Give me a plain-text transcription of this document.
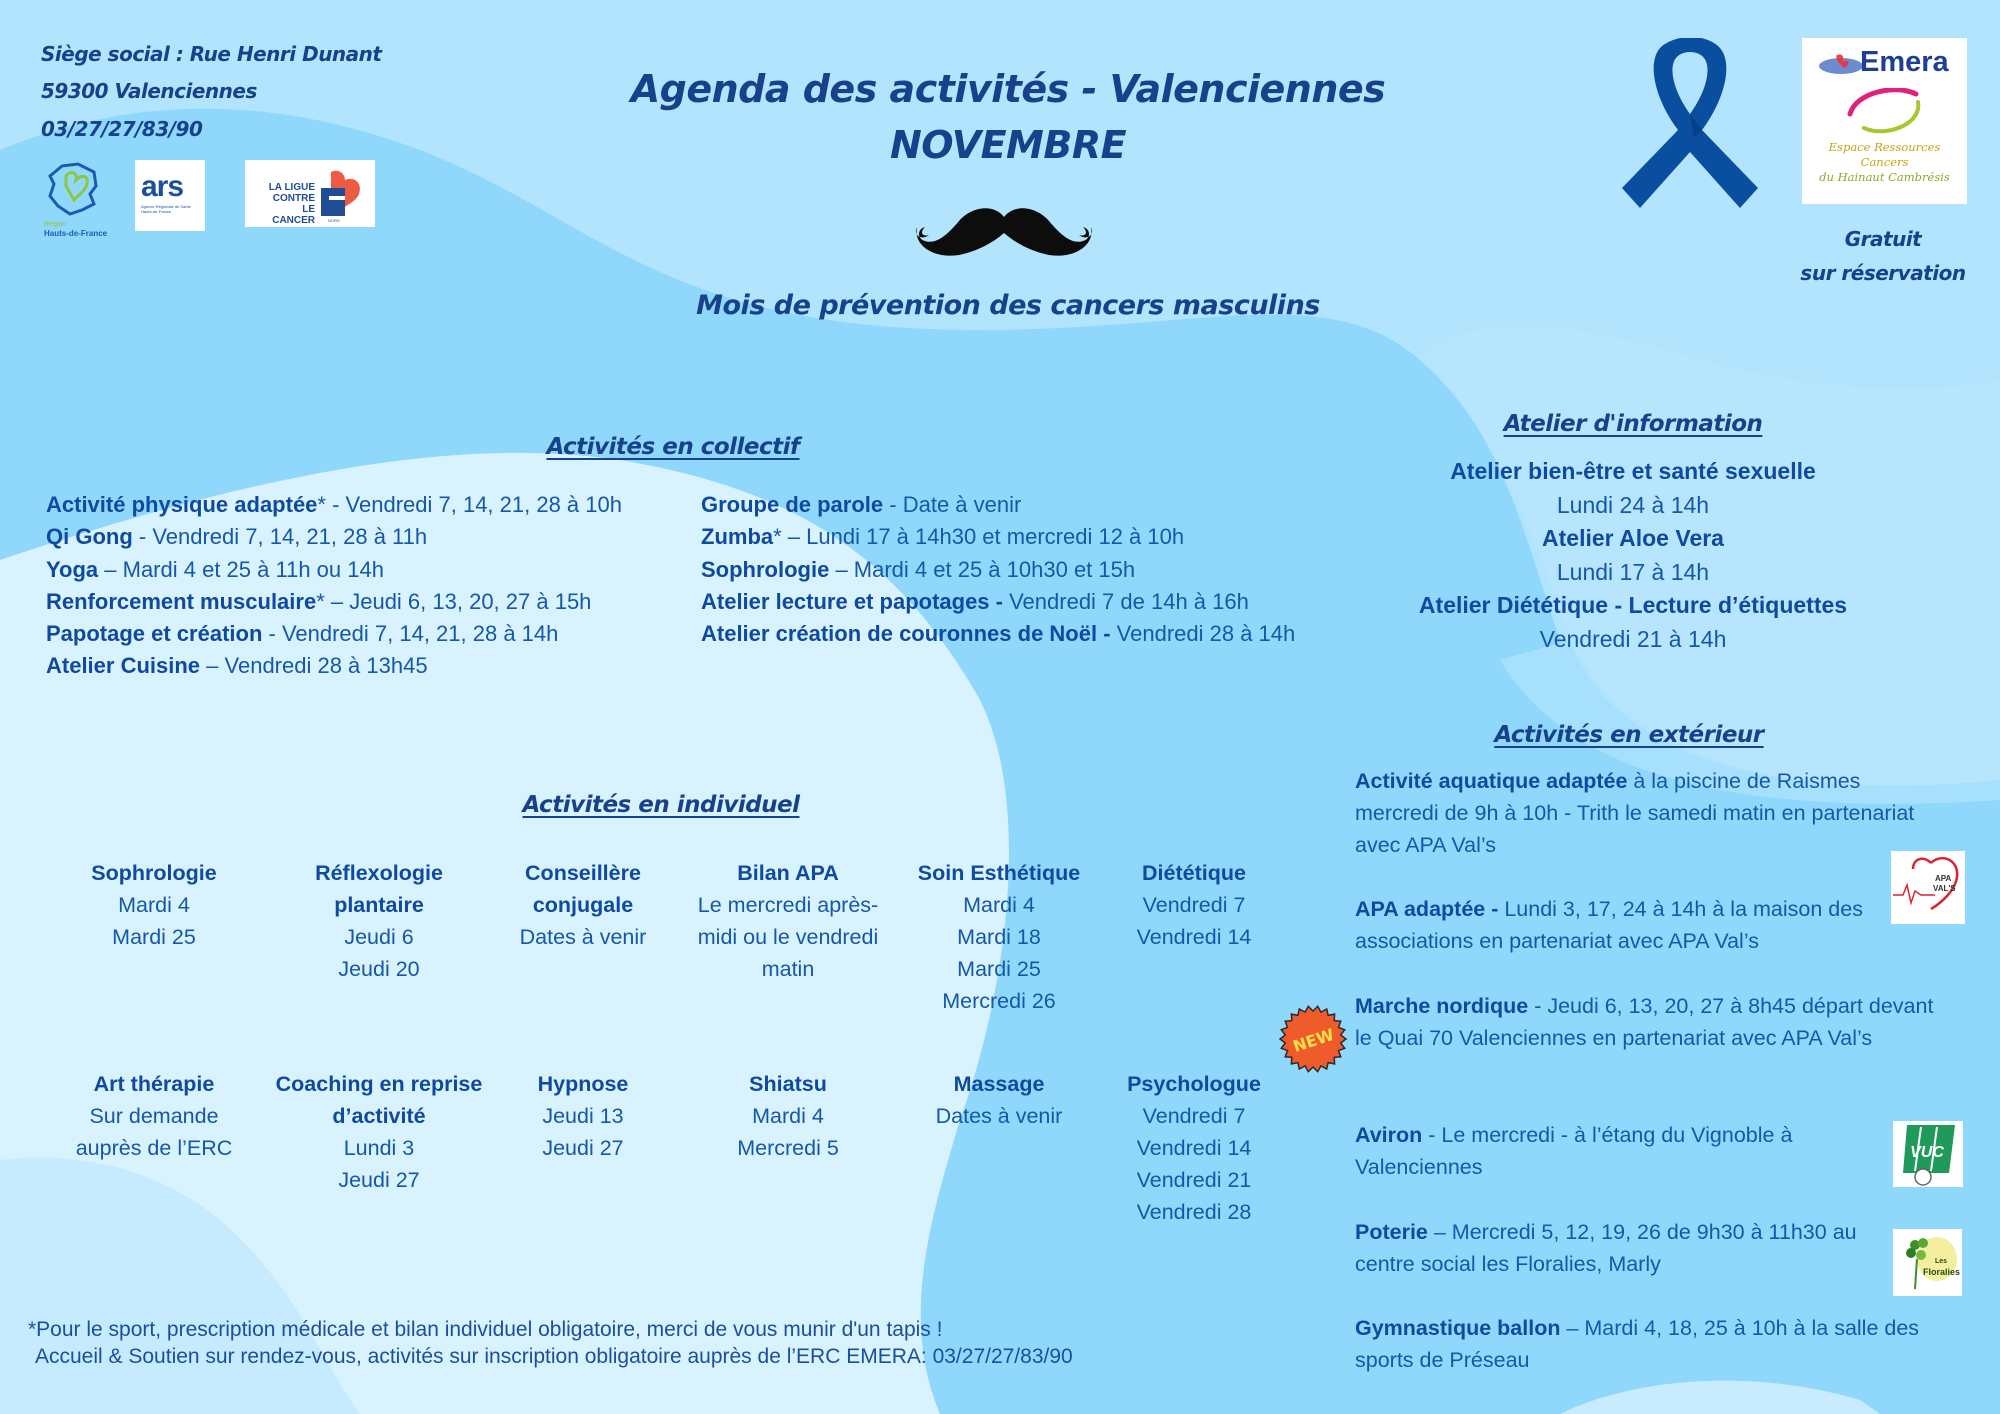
Siège social : Rue Henri Dunant
59300 Valenciennes
03/27/27/83/90
Région
Hauts-de-France
ars
Agence Régionale de Santé Hauts-de-France
LA LIGUE
CONTRE
LE CANCER	NORD
Agenda des activités - Valenciennes
NOVEMBRE
Mois de prévention des cancers masculins
Emera
Espace Ressources
Cancers
du Hainaut Cambrésis
Gratuit
sur réservation
Activités en collectif
Activité physique adaptée* - Vendredi 7, 14, 21, 28 à 10h
Qi Gong - Vendredi 7, 14, 21, 28 à 11h
Yoga – Mardi 4 et 25 à 11h ou 14h
Renforcement musculaire* – Jeudi 6, 13, 20, 27 à 15h
Papotage et création - Vendredi 7, 14, 21, 28 à 14h
Atelier Cuisine – Vendredi 28 à 13h45
Groupe de parole - Date à venir
Zumba* – Lundi 17 à 14h30 et mercredi 12 à 10h
Sophrologie – Mardi 4 et 25 à 10h30 et 15h
Atelier lecture et papotages - Vendredi 7 de 14h à 16h
Atelier création de couronnes de Noël - Vendredi 28 à 14h
Atelier d'information
Atelier bien-être et santé sexuelle
Lundi 24 à 14h
Atelier Aloe Vera
Lundi 17 à 14h
Atelier Diététique - Lecture d’étiquettes
Vendredi 21 à 14h
Activités en individuel
Sophrologie
Mardi 4
Mardi 25
Réflexologie plantaire
Jeudi 6
Jeudi 20
Conseillère conjugale
Dates à venir
Bilan APA
Le mercredi après-midi ou le vendredi matin
Soin Esthétique
Mardi 4
Mardi 18
Mardi 25
Mercredi 26
Diététique
Vendredi 7
Vendredi 14
Art thérapie
Sur demande auprès de l’ERC
Coaching en reprise d’activité
Lundi 3
Jeudi 27
Hypnose
Jeudi 13
Jeudi 27
Shiatsu
Mardi 4
Mercredi 5
Massage
Dates à venir
Psychologue
Vendredi 7
Vendredi 14
Vendredi 21
Vendredi 28
Activités en extérieur
Activité aquatique adaptée à la piscine de Raismes mercredi de 9h à 10h - Trith le samedi matin en partenariat avec APA Val’s
APA adaptée - Lundi 3, 17, 24 à 14h à la maison des associations en partenariat avec APA Val’s
Marche nordique - Jeudi 6, 13, 20, 27 à 8h45 départ devant le Quai 70 Valenciennes en partenariat avec APA Val’s
Aviron - Le mercredi - à l’étang du Vignoble à Valenciennes
Poterie – Mercredi 5, 12, 19, 26 de 9h30 à 11h30 au centre social les Floralies, Marly
Gymnastique ballon – Mardi 4, 18, 25 à 10h à la salle des sports de Préseau
NEW
APA
VAL'S
VUC
Les
Floralies
*Pour le sport, prescription médicale et bilan individuel obligatoire, merci de vous munir d'un tapis !
Accueil & Soutien sur rendez-vous, activités sur inscription obligatoire auprès de l’ERC EMERA: 03/27/27/83/90
